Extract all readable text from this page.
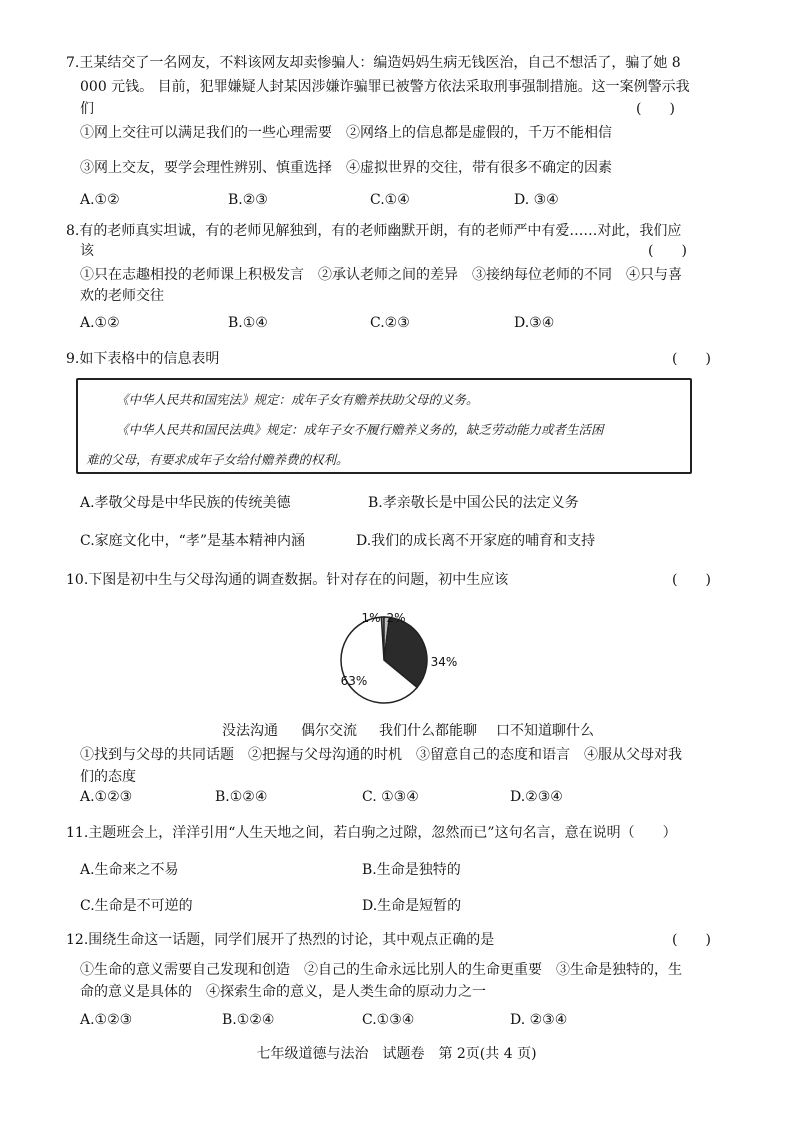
7.王某结交了一名网友，不料该网友却卖惨骗人：编造妈妈生病无钱医治，自己不想活了，骗了她 8
000 元钱。 目前，犯罪嫌疑人封某因涉嫌诈骗罪已被警方依法采取刑事强制措施。这一案例警示我
们	(　　)
①网上交往可以满足我们的一些心理需要　②网络上的信息都是虚假的，千万不能相信
③网上交友，要学会理性辨别、慎重选择　④虚拟世界的交往，带有很多不确定的因素
A.①②	B.②③	C.①④	D. ③④
8.有的老师真实坦诚，有的老师见解独到，有的老师幽默开朗，有的老师严中有爱……对此，我们应
该	(　　)
①只在志趣相投的老师课上积极发言　②承认老师之间的差异　③接纳每位老师的不同　④只与喜
欢的老师交往
A.①②	B.①④	C.②③	D.③④
9.如下表格中的信息表明	(　　)
《中华人民共和国宪法》规定：成年子女有赡养扶助父母的义务。
《中华人民共和国民法典》规定：成年子女不履行赡养义务的，缺乏劳动能力或者生活困
难的父母，有要求成年子女给付赡养费的权利。
A.孝敬父母是中华民族的传统美德	B.孝亲敬长是中国公民的法定义务
C.家庭文化中，“孝”是基本精神内涵	D.我们的成长离不开家庭的哺育和支持
10.下图是初中生与父母沟通的调查数据。针对存在的问题，初中生应该	(　　)
1% 2%
34%
63%
没法沟通 偶尔交流 我们什么都能聊 口不知道聊什么
①找到与父母的共同话题　②把握与父母沟通的时机　③留意自己的态度和语言　④服从父母对我
们的态度
A.①②③	B.①②④	C. ①③④	D.②③④
11.主题班会上，洋洋引用“人生天地之间，若白驹之过隙，忽然而已”这句名言，意在说明（　　）
A.生命来之不易	B.生命是独特的
C.生命是不可逆的	D.生命是短暂的
12.围绕生命这一话题，同学们展开了热烈的讨论，其中观点正确的是	(　　)
①生命的意义需要自己发现和创造　②自己的生命永远比别人的生命更重要　③生命是独特的，生
命的意义是具体的　④探索生命的意义，是人类生命的原动力之一
A.①②③	B.①②④	C.①③④	D. ②③④
七年级道德与法治　试题卷　第 2页(共 4 页)
